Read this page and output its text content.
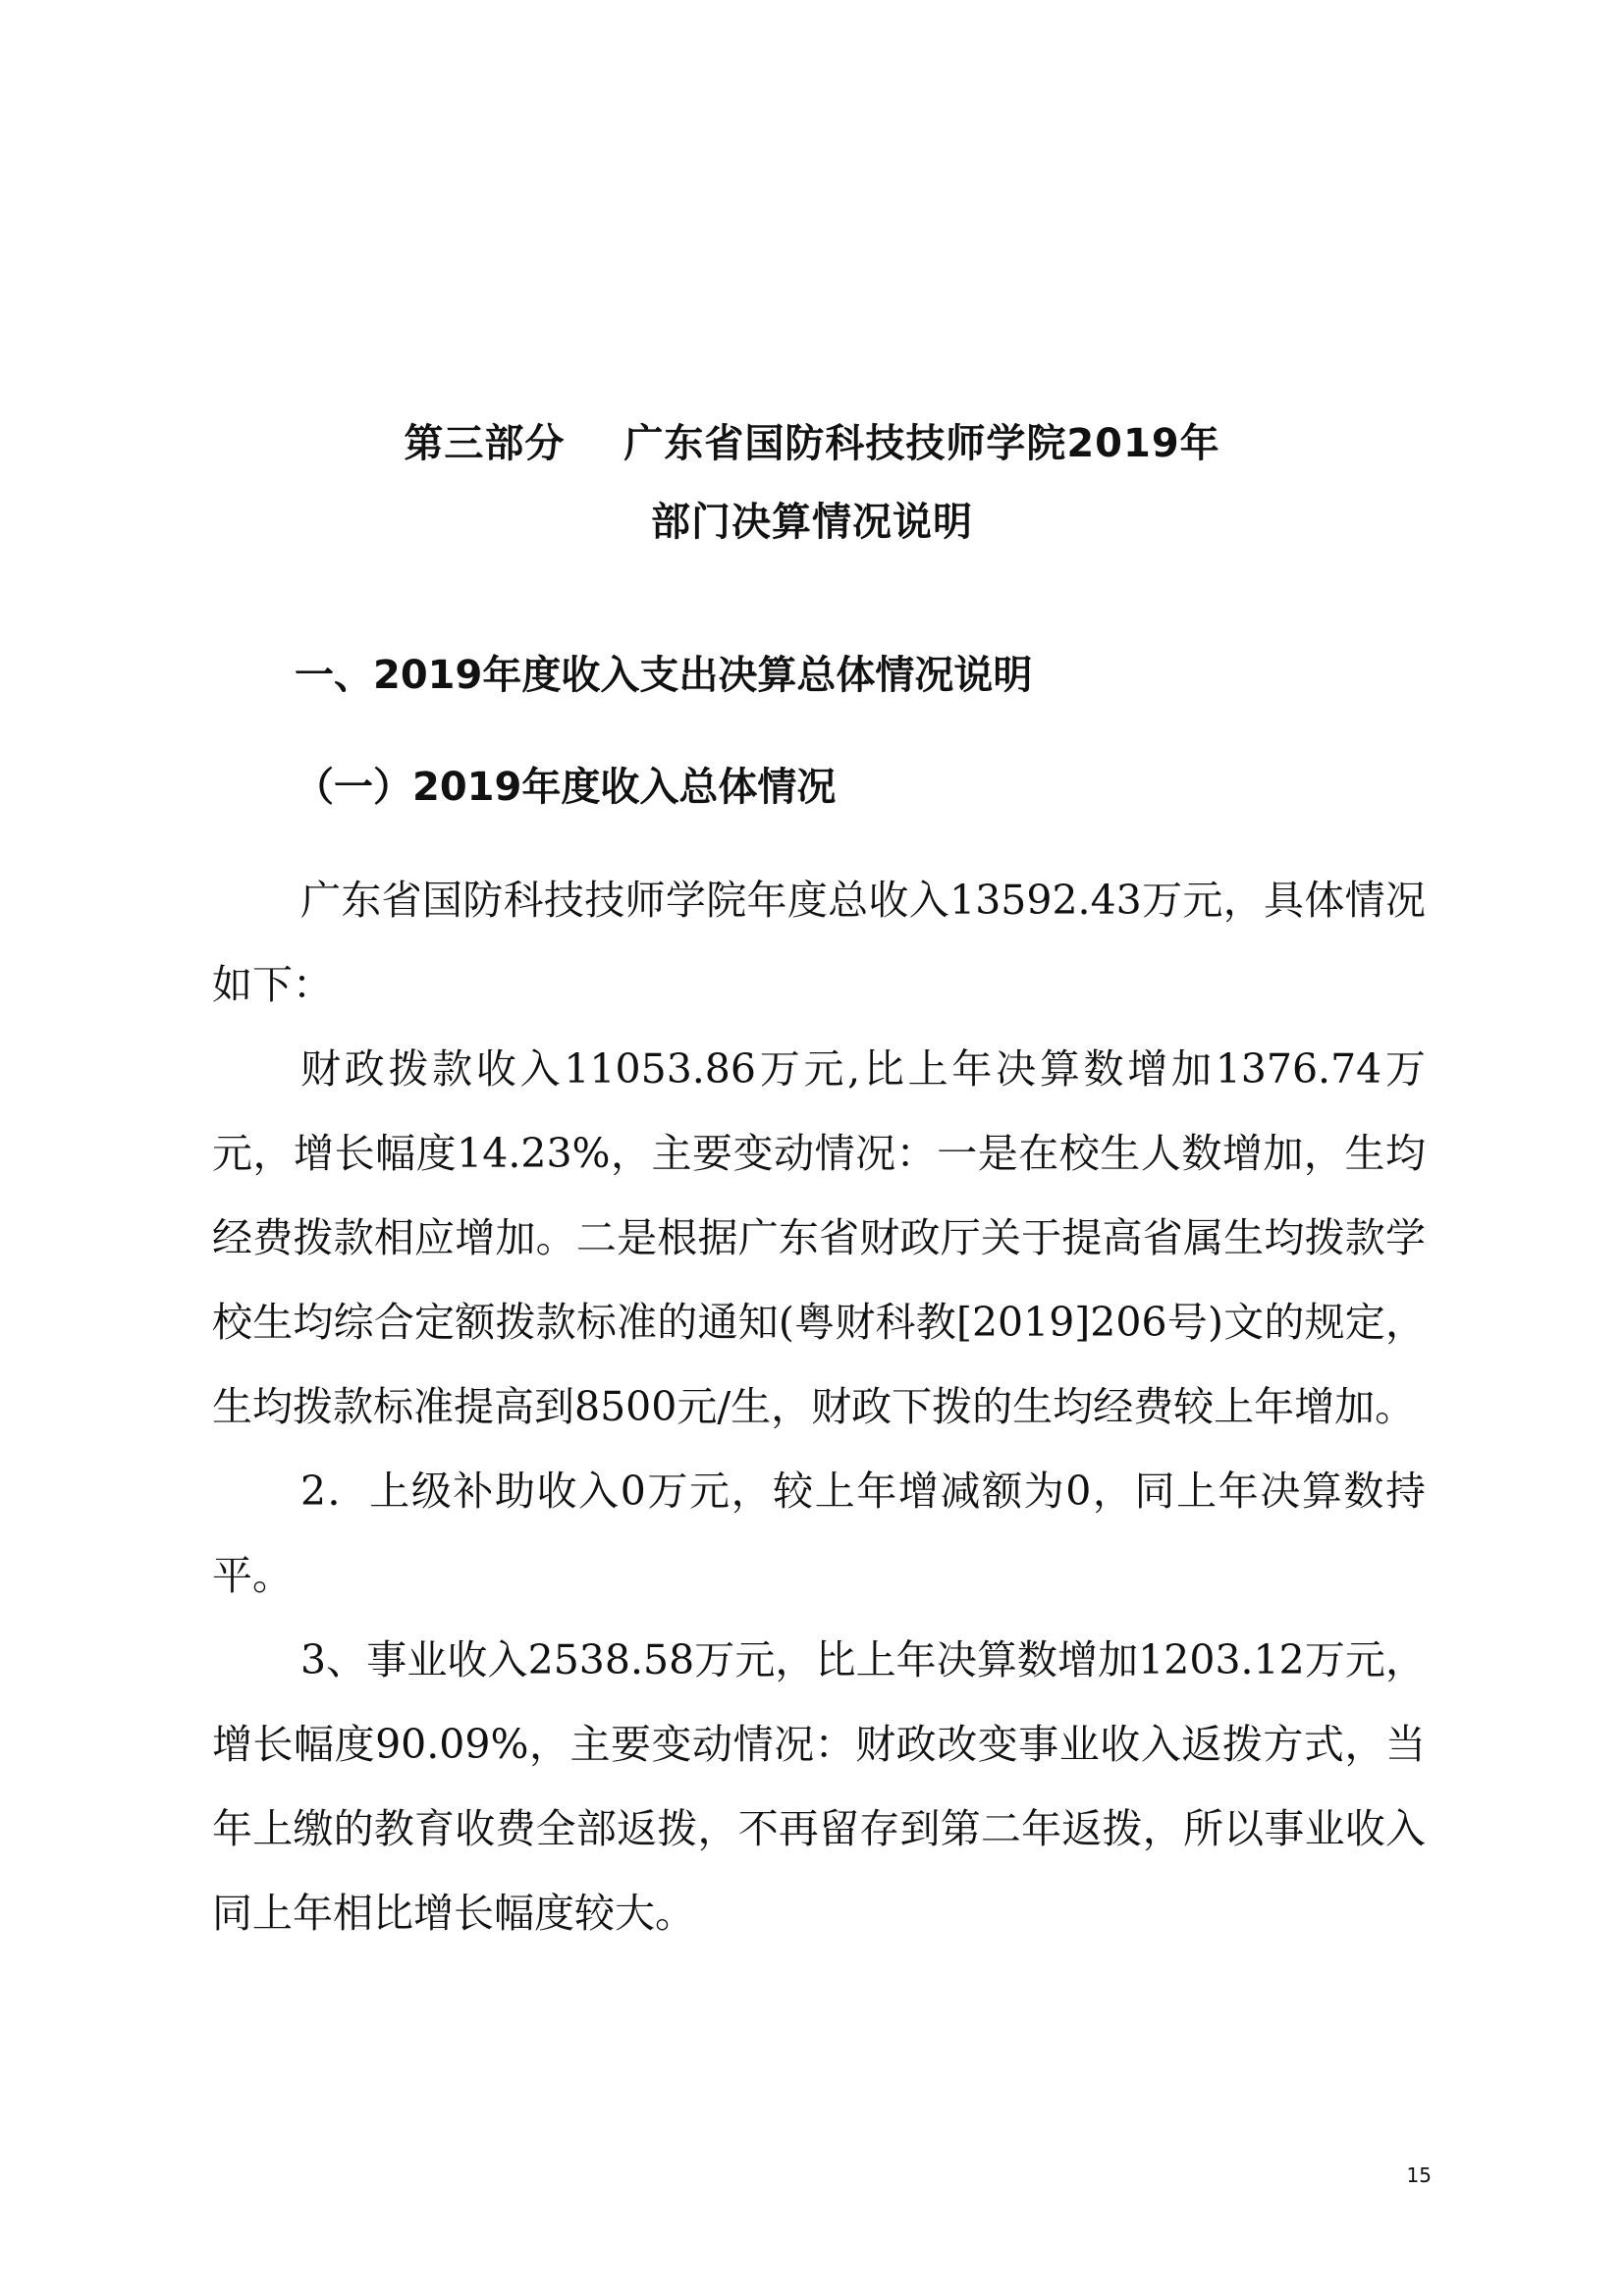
第三部分 广东省国防科技技师学院2019年
部门决算情况说明
一、2019年度收入支出决算总体情况说明
（一）2019年度收入总体情况

广东省国防科技技师学院年度总收入13592.43万元，具体情况如下：

财政拨款收入11053.86万元,比上年决算数增加1376.74万元，增长幅度14.23%，主要变动情况：一是在校生人数增加，生均经费拨款相应增加。二是根据广东省财政厅关于提高省属生均拨款学校生均综合定额拨款标准的通知(粤财科教[2019]206号)文的规定，生均拨款标准提高到8500元/生，财政下拨的生均经费较上年增加。

2．上级补助收入0万元，较上年增减额为0，同上年决算数持平。

3、事业收入2538.58万元，比上年决算数增加1203.12万元，增长幅度90.09%，主要变动情况：财政改变事业收入返拨方式，当年上缴的教育收费全部返拨，不再留存到第二年返拨，所以事业收入同上年相比增长幅度较大。

15
